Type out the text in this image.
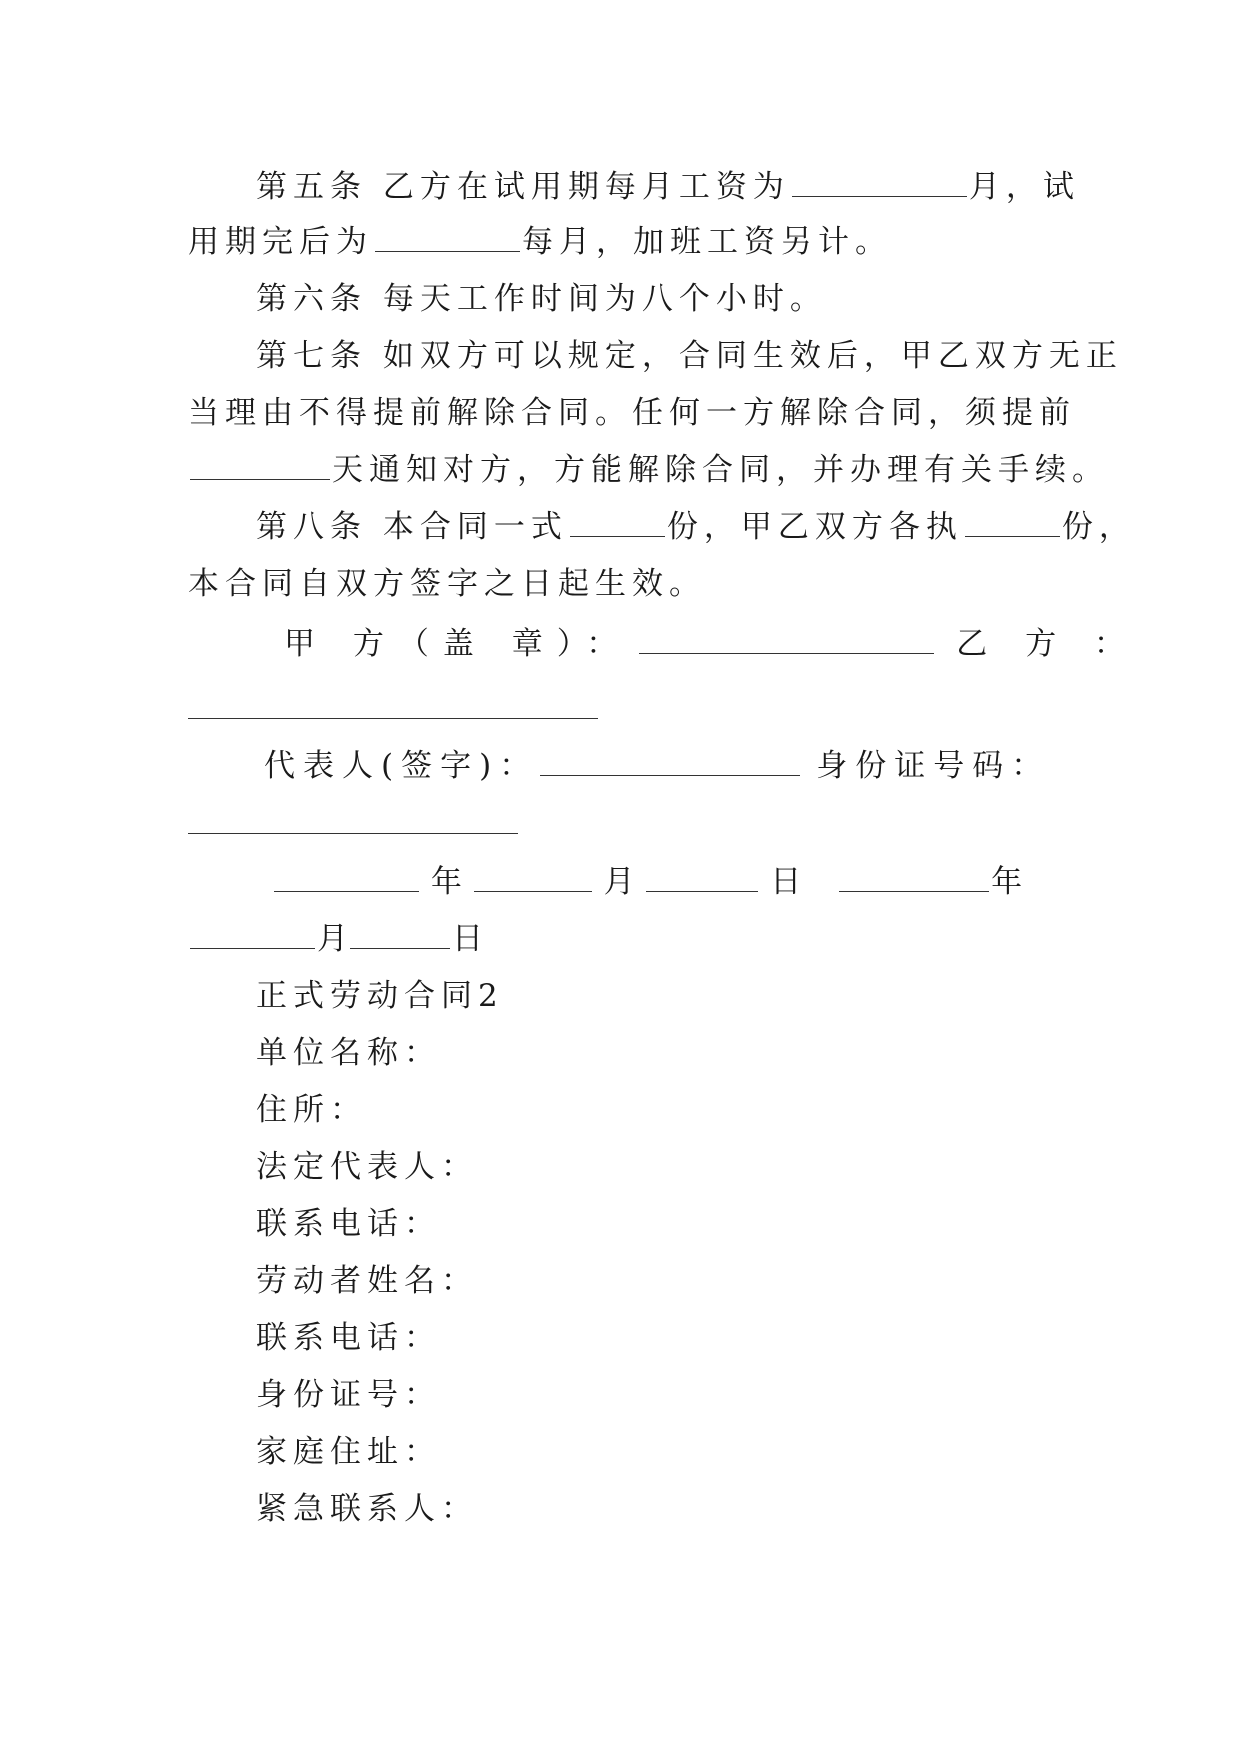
第五条 乙方在试用期每月工资为	月，试
用期完后为	每月，加班工资另计。
第六条 每天工作时间为八个小时。
第七条 如双方可以规定，合同生效后，甲乙双方无正
当理由不得提前解除合同。任何一方解除合同，须提前
天通知对方，方能解除合同，并办理有关手续。
第八条 本合同一式	份，甲乙双方各执	份，
本合同自双方签字之日起生效。
甲 方（盖 章）：	乙 方 ：
代表人(签字)：	身份证号码：
年	月	日	年
月	日
正式劳动合同2
单位名称：
住所：
法定代表人：
联系电话：
劳动者姓名：
联系电话：
身份证号：
家庭住址：
紧急联系人：
